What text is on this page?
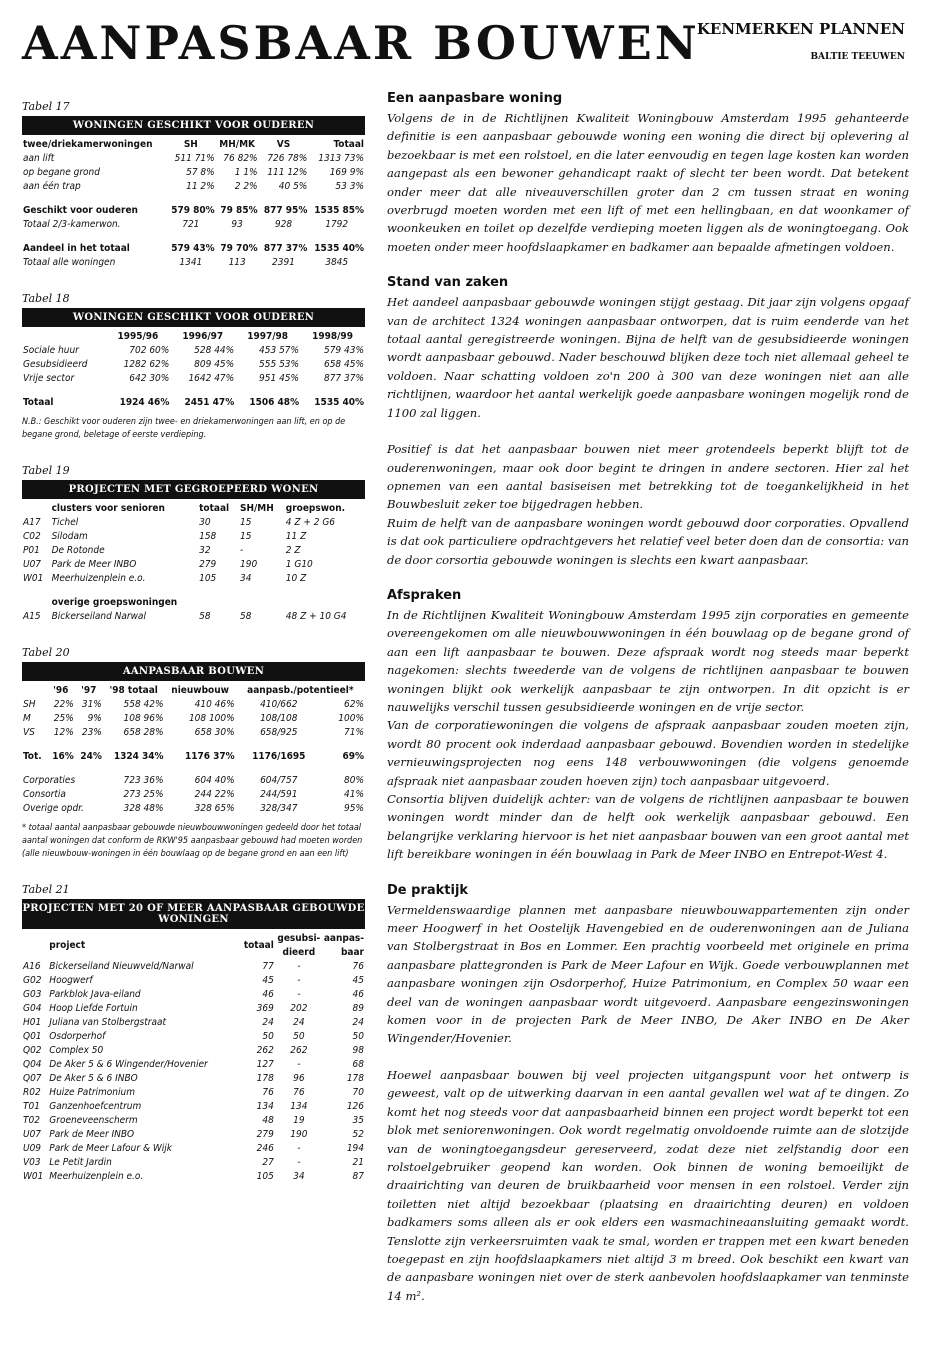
AANPASBAAR BOUWEN
KENMERKEN PLANNEN
BALTIE TEEUWEN

Tabel 17

WONINGEN GESCHIKT VOOR OUDEREN
twee/driekamerwoningen	SH	MH/MK	VS	Totaal
aan lift	511 71%	76 82%	726 78%	1313 73%
op begane grond	57 8%	1 1%	111 12%	169 9%
aan één trap	11 2%	2 2%	40 5%	53 3%

Geschikt voor ouderen	579 80%	79 85%	877 95%	1535 85%
Totaal 2/3-kamerwon.	721	93	928	1792

Aandeel in het totaal	579 43%	79 70%	877 37%	1535 40%
Totaal alle woningen	1341	113	2391	3845

Tabel 18

WONINGEN GESCHIKT VOOR OUDEREN
	1995/96	1996/97	1997/98	1998/99
Sociale huur	702 60%	528 44%	453 57%	579 43%
Gesubsidieerd	1282 62%	809 45%	555 53%	658 45%
Vrije sector	642 30%	1642 47%	951 45%	877 37%

Totaal	1924 46%	2451 47%	1506 48%	1535 40%

N.B.: Geschikt voor ouderen zijn twee- en driekamerwoningen aan lift, en op de begane grond, beletage of eerste verdieping.

Tabel 19

PROJECTEN MET GEGROEPEERD WONEN
	clusters voor senioren	totaal	SH/MH	groepswon.
A17	Tichel	30	15	4 Z + 2 G6
C02	Silodam	158	15	11 Z
P01	De Rotonde	32	-	2 Z
U07	Park de Meer INBO	279	190	1 G10
W01	Meerhuizenplein e.o.	105	34	10 Z

	overige groepswoningen			
A15	Bickerseiland Narwal	58	58	48 Z + 10 G4

Tabel 20

AANPASBAAR BOUWEN
	'96	'97	'98 totaal	nieuwbouw	aanpasb./potentieel*	
SH	22%	31%	558 42%	410 46%	410/662	62%
M	25%	9%	108 96%	108 100%	108/108	100%
VS	12%	23%	658 28%	658 30%	658/925	71%

Tot.	16%	24%	1324 34%	1176 37%	1176/1695	69%

Corporaties			723 36%	604 40%	604/757	80%
Consortia			273 25%	244 22%	244/591	41%
Overige opdr.			328 48%	328 65%	328/347	95%

* totaal aantal aanpasbaar gebouwde nieuwbouwwoningen gedeeld door het totaal aantal woningen dat conform de RKW'95 aanpasbaar gebouwd had moeten worden (alle nieuwbouw-woningen in één bouwlaag op de begane grond en aan een lift)

Tabel 21

PROJECTEN MET 20 OF MEER AANPASBAAR GEBOUWDE WONINGEN
	project	totaal	gesubsi-dieerd	aanpas-baar
A16	Bickerseiland Nieuwveld/Narwal	77	-	76
G02	Hoogwerf	45	-	45
G03	Parkblok Java-eiland	46	-	46
G04	Hoop Liefde Fortuin	369	202	89
H01	Juliana van Stolbergstraat	24	24	24
Q01	Osdorperhof	50	50	50
Q02	Complex 50	262	262	98
Q04	De Aker 5 & 6 Wingender/Hovenier	127	-	68
Q07	De Aker 5 & 6 INBO	178	96	178
R02	Huize Patrimonium	76	76	70
T01	Ganzenhoefcentrum	134	134	126
T02	Groeneveenscherm	48	19	35
U07	Park de Meer INBO	279	190	52
U09	Park de Meer Lafour & Wijk	246	-	194
V03	Le Petit Jardin	27	-	21
W01	Meerhuizenplein e.o.	105	34	87
Een aanpasbare woning

Volgens de in de Richtlijnen Kwaliteit Woningbouw Amsterdam 1995 gehanteerde definitie is een aanpasbaar gebouwde woning een woning die direct bij oplevering al bezoekbaar is met een rolstoel, en die later eenvoudig en tegen lage kosten kan worden aangepast als een bewoner gehandicapt raakt of slecht ter been wordt. Dat betekent onder meer dat alle niveauverschillen groter dan 2 cm tussen straat en woning overbrugd moeten worden met een lift of met een hellingbaan, en dat woonkamer of woonkeuken en toilet op dezelfde verdieping moeten liggen als de woningtoegang. Ook moeten onder meer hoofdslaapkamer en badkamer aan bepaalde afmetingen voldoen.

Stand van zaken

Het aandeel aanpasbaar gebouwde woningen stijgt gestaag. Dit jaar zijn volgens opgaaf van de architect 1324 woningen aanpasbaar ontworpen, dat is ruim eenderde van het totaal aantal geregistreerde woningen. Bijna de helft van de gesubsidieerde woningen wordt aanpasbaar gebouwd. Nader beschouwd blijken deze toch niet allemaal geheel te voldoen. Naar schatting voldoen zo'n 200 à 300 van deze woningen niet aan alle richtlijnen, waardoor het aantal werkelijk goede aanpasbare woningen mogelijk rond de 1100 zal liggen.

Positief is dat het aanpasbaar bouwen niet meer grotendeels beperkt blijft tot de ouderenwoningen, maar ook door begint te dringen in andere sectoren. Hier zal het opnemen van een aantal basiseisen met betrekking tot de toegankelijkheid in het Bouwbesluit zeker toe bijgedragen hebben.

Ruim de helft van de aanpasbare woningen wordt gebouwd door corporaties. Opvallend is dat ook particuliere opdrachtgevers het relatief veel beter doen dan de consortia: van de door corsortia gebouwde woningen is slechts een kwart aanpasbaar.

Afspraken

In de Richtlijnen Kwaliteit Woningbouw Amsterdam 1995 zijn corporaties en gemeente overeengekomen om alle nieuwbouwwoningen in één bouwlaag op de begane grond of aan een lift aanpasbaar te bouwen. Deze afspraak wordt nog steeds maar beperkt nagekomen: slechts tweederde van de volgens de richtlijnen aanpasbaar te bouwen woningen blijkt ook werkelijk aanpasbaar te zijn ontworpen. In dit opzicht is er nauwelijks verschil tussen gesubsidieerde woningen en de vrije sector.

Van de corporatiewoningen die volgens de afspraak aanpasbaar zouden moeten zijn, wordt 80 procent ook inderdaad aanpasbaar gebouwd. Bovendien worden in stedelijke vernieuwingsprojecten nog eens 148 verbouwwoningen (die volgens genoemde afspraak niet aanpasbaar zouden hoeven zijn) toch aanpasbaar uitgevoerd.

Consortia blijven duidelijk achter: van de volgens de richtlijnen aanpasbaar te bouwen woningen wordt minder dan de helft ook werkelijk aanpasbaar gebouwd. Een belangrijke verklaring hiervoor is het niet aanpasbaar bouwen van een groot aantal met lift bereikbare woningen in één bouwlaag in Park de Meer INBO en Entrepot-West 4.

De praktijk

Vermeldenswaardige plannen met aanpasbare nieuwbouwappartementen zijn onder meer Hoogwerf in het Oostelijk Havengebied en de ouderenwoningen aan de Juliana van Stolbergstraat in Bos en Lommer. Een prachtig voorbeeld met originele en prima aanpasbare plattegronden is Park de Meer Lafour en Wijk. Goede verbouwplannen met aanpasbare woningen zijn Osdorperhof, Huize Patrimonium, en Complex 50 waar een deel van de woningen aanpasbaar wordt uitgevoerd. Aanpasbare eengezinswoningen komen voor in de projecten Park de Meer INBO, De Aker INBO en De Aker Wingender/Hovenier.

Hoewel aanpasbaar bouwen bij veel projecten uitgangspunt voor het ontwerp is geweest, valt op de uitwerking daarvan in een aantal gevallen wel wat af te dingen. Zo komt het nog steeds voor dat aanpasbaarheid binnen een project wordt beperkt tot een blok met seniorenwoningen. Ook wordt regelmatig onvoldoende ruimte aan de slotzijde van de woningtoegangsdeur gereserveerd, zodat deze niet zelfstandig door een rolstoelgebruiker geopend kan worden. Ook binnen de woning bemoeilijkt de draairichting van deuren de bruikbaarheid voor mensen in een rolstoel. Verder zijn toiletten niet altijd bezoekbaar (plaatsing en draairichting deuren) en voldoen badkamers soms alleen als er ook elders een wasmachineaansluiting gemaakt wordt. Tenslotte zijn verkeersruimten vaak te smal, worden er trappen met een kwart beneden toegepast en zijn hoofdslaapkamers niet altijd 3 m breed. Ook beschikt een kwart van de aanpasbare woningen niet over de sterk aanbevolen hoofdslaapkamer van tenminste 14 m².
